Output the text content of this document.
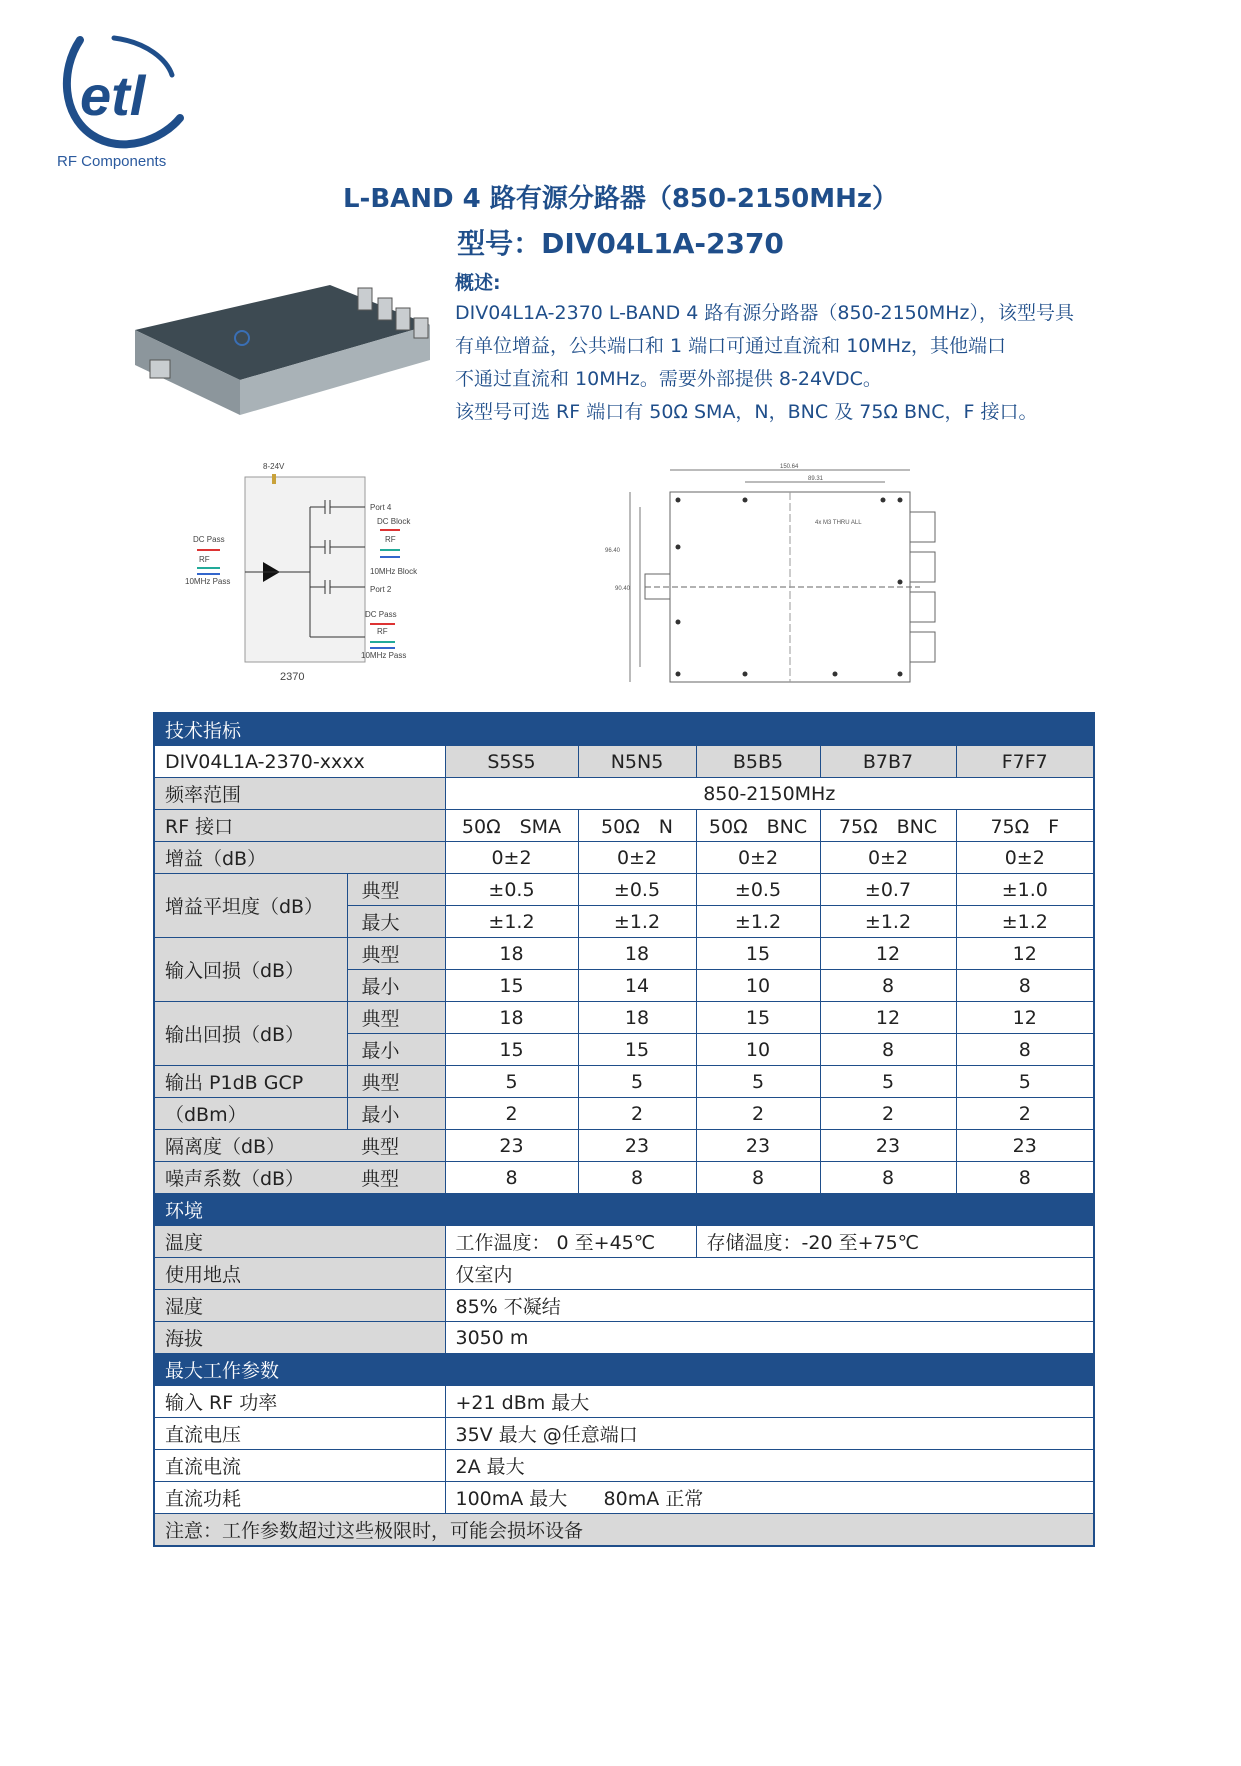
etl
RF Components
L-BAND 4 路有源分路器（850-2150MHz）
型号：DIV04L1A-2370
概述:
DIV04L1A-2370 L-BAND 4 路有源分路器（850-2150MHz），该型号具
有单位增益，公共端口和 1 端口可通过直流和 10MHz，其他端口
不通过直流和 10MHz。需要外部提供 8-24VDC。
该型号可选 RF 端口有 50Ω SMA，N，BNC 及 75Ω BNC，F 接口。
8-24V
Port 4
DC Block
RF
10MHz Block
Port 2
DC Pass
RF
10MHz Pass
DC Pass
RF
10MHz Pass
2370
150.64
89.31
96.40
90.40
4x M3 THRU ALL
技术指标						
DIV04L1A-2370-xxxx		S5S5	N5N5	B5B5	B7B7	F7F7
频率范围		850-2150MHz				
RF 接口		50Ω　SMA	50Ω　N	50Ω　BNC	75Ω　BNC	75Ω　F
增益（dB）		0±2	0±2	0±2	0±2	0±2
增益平坦度（dB）	典型	±0.5	±0.5	±0.5	±0.7	±1.0
	最大	±1.2	±1.2	±1.2	±1.2	±1.2
输入回损（dB）	典型	18	18	15	12	12
	最小	15	14	10	8	8
输出回损（dB）	典型	18	18	15	12	12
	最小	15	15	10	8	8
输出 P1dB GCP	典型	5	5	5	5	5
（dBm）	最小	2	2	2	2	2
隔离度（dB）	典型	23	23	23	23	23
噪声系数（dB）	典型	8	8	8	8	8
环境						
温度		工作温度： 0 至+45℃		存储温度：-20 至+75℃		
使用地点		仅室内				
湿度		85% 不凝结				
海拔		3050 m				
最大工作参数						
输入 RF 功率		+21 dBm 最大				
直流电压		35V 最大 @任意端口				
直流电流		2A 最大				
直流功耗		100mA 最大      80mA 正常				
注意：工作参数超过这些极限时，可能会损坏设备						
